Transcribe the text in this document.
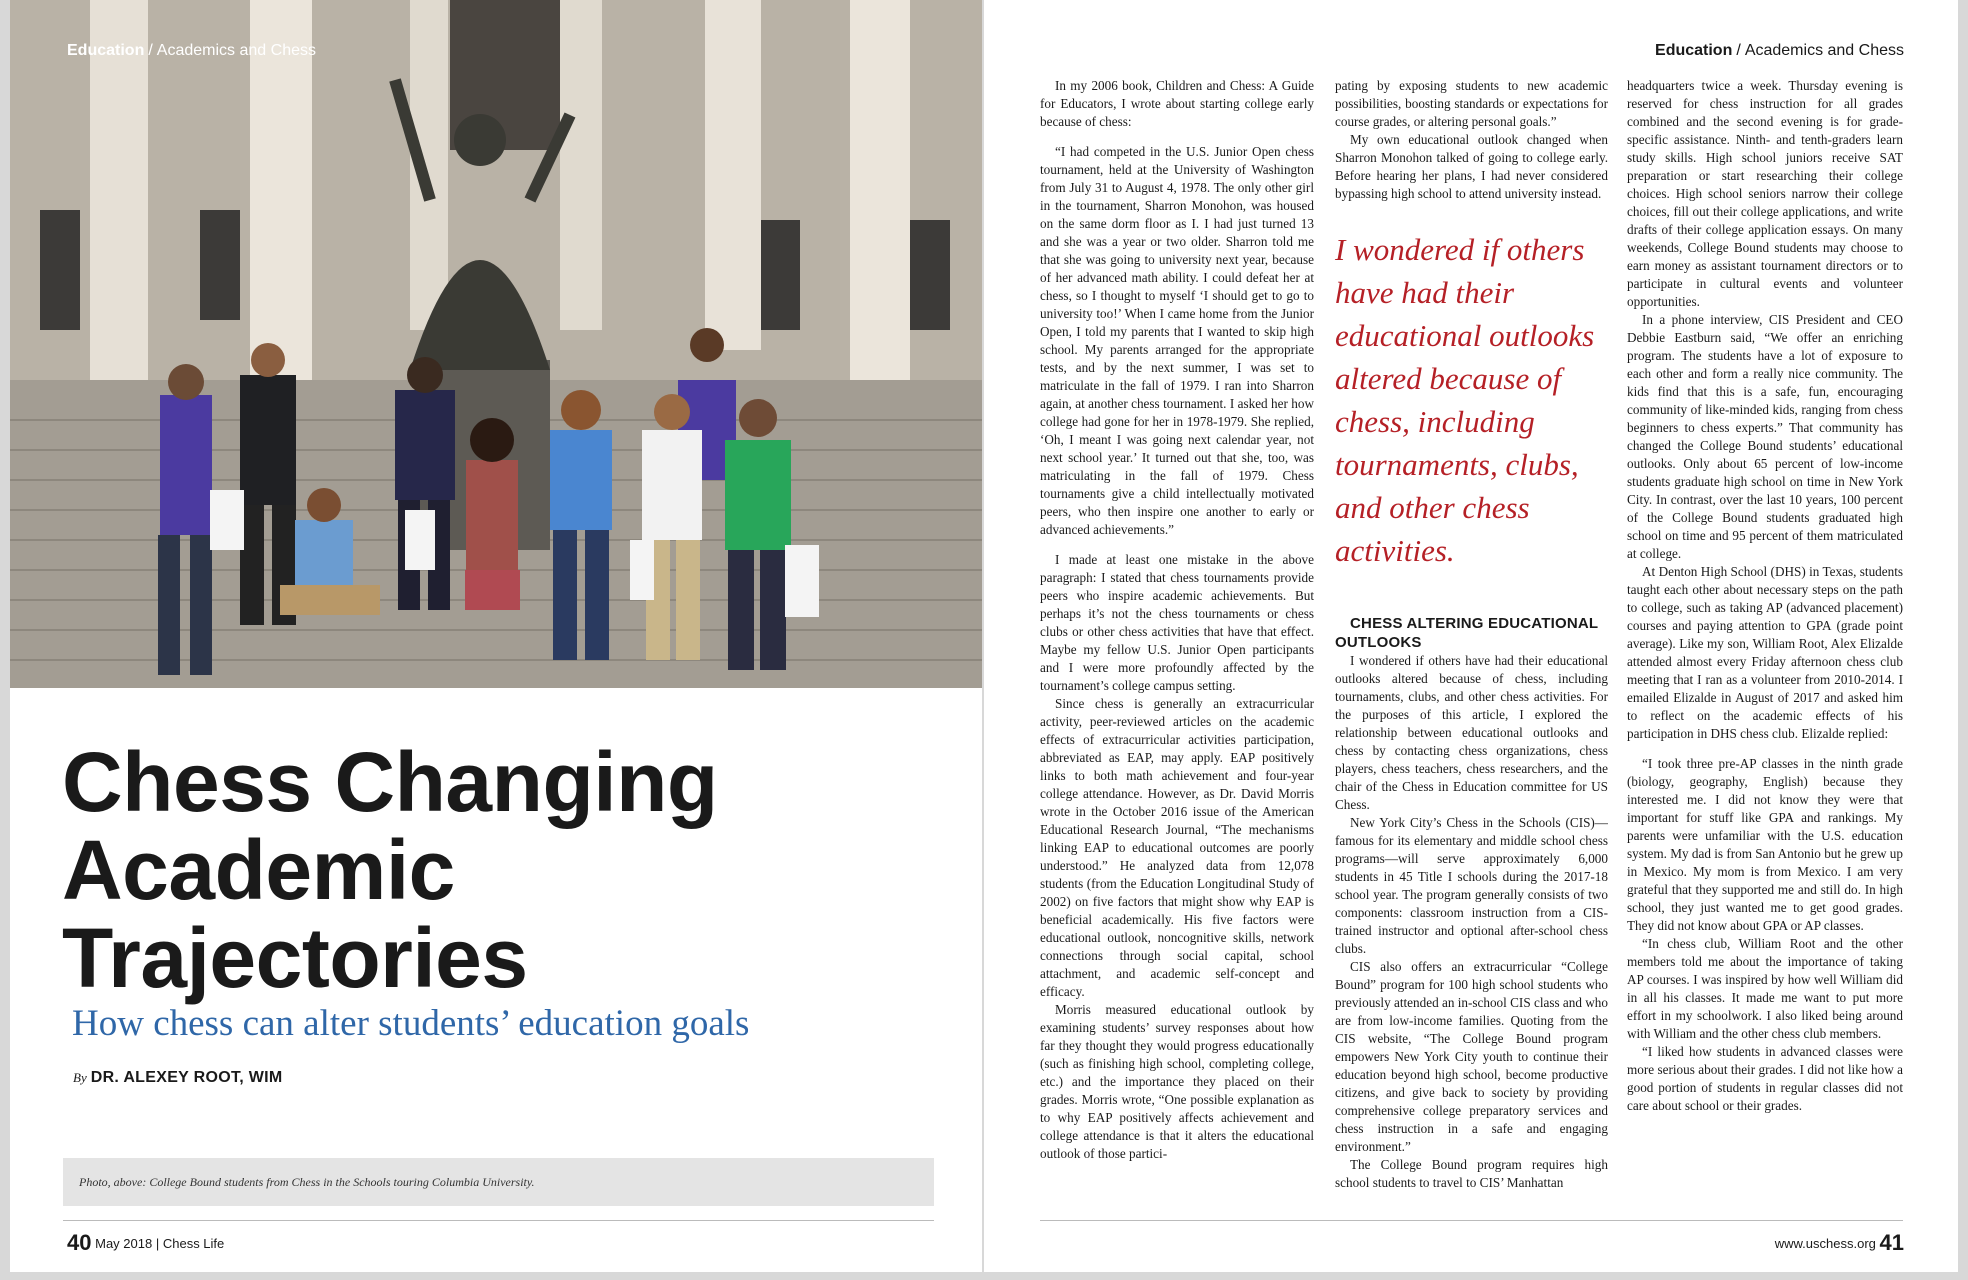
Education / Academics and Chess
Chess Changing Academic Trajectories
How chess can alter students’ education goals
By DR. ALEXEY ROOT, WIM
Photo, above: College Bound students from Chess in the Schools touring Columbia University.
40 May 2018 | Chess Life
Education / Academics and Chess

In my 2006 book, Children and Chess: A Guide for Educators, I wrote about starting college early because of chess:

“I had competed in the U.S. Junior Open chess tournament, held at the University of Washington from July 31 to August 4, 1978. The only other girl in the tournament, Sharron Monohon, was housed on the same dorm floor as I. I had just turned 13 and she was a year or two older. Sharron told me that she was going to university next year, because of her advanced math ability. I could defeat her at chess, so I thought to myself ‘I should get to go to university too!’ When I came home from the Junior Open, I told my parents that I wanted to skip high school. My parents arranged for the appropriate tests, and by the next summer, I was set to matriculate in the fall of 1979. I ran into Sharron again, at another chess tournament. I asked her how college had gone for her in 1978-1979. She replied, ‘Oh, I meant I was going next calendar year, not next school year.’ It turned out that she, too, was matriculating in the fall of 1979. Chess tournaments give a child intellectually motivated peers, who then inspire one another to early or advanced achievements.”

I made at least one mistake in the above paragraph: I stated that chess tournaments provide peers who inspire academic achievements. But perhaps it’s not the chess tournaments or chess clubs or other chess activities that have that effect. Maybe my fellow U.S. Junior Open participants and I were more profoundly affected by the tournament’s college campus setting.

Since chess is generally an extracurricular activity, peer-reviewed articles on the academic effects of extracurricular activities participation, abbreviated as EAP, may apply. EAP positively links to both math achievement and four-year college attendance. However, as Dr. David Morris wrote in the October 2016 issue of the American Educational Research Journal, “The mechanisms linking EAP to educational outcomes are poorly understood.” He analyzed data from 12,078 students (from the Education Longitudinal Study of 2002) on five factors that might show why EAP is beneficial academically. His five factors were educational outlook, noncognitive skills, network connections through social capital, school attachment, and academic self-concept and efficacy.

Morris measured educational outlook by examining students’ survey responses about how far they thought they would progress educationally (such as finishing high school, completing college, etc.) and the importance they placed on their grades. Morris wrote, “One possible explanation as to why EAP positively affects achievement and college attendance is that it alters the educational outlook of those partici-

pating by exposing students to new academic possibilities, boosting standards or expectations for course grades, or altering personal goals.”

My own educational outlook changed when Sharron Monohon talked of going to college early. Before hearing her plans, I had never considered bypassing high school to attend university instead.

I wondered if others have had their educational outlooks altered because of chess, including tournaments, clubs, and other chess activities.

CHESS ALTERING EDUCATIONAL OUTLOOKS

I wondered if others have had their educational outlooks altered because of chess, including tournaments, clubs, and other chess activities. For the purposes of this article, I explored the relationship between educational outlooks and chess by contacting chess organizations, chess players, chess teachers, chess researchers, and the chair of the Chess in Education committee for US Chess.

New York City’s Chess in the Schools (CIS)—famous for its elementary and middle school chess programs—will serve approximately 6,000 students in 45 Title I schools during the 2017-18 school year. The program generally consists of two components: classroom instruction from a CIS-trained instructor and optional after-school chess clubs.

CIS also offers an extracurricular “College Bound” program for 100 high school students who previously attended an in-school CIS class and who are from low-income families. Quoting from the CIS website, “The College Bound program empowers New York City youth to continue their education beyond high school, become productive citizens, and give back to society by providing comprehensive college preparatory services and chess instruction in a safe and engaging environment.”

The College Bound program requires high school students to travel to CIS’ Manhattan

headquarters twice a week. Thursday evening is reserved for chess instruction for all grades combined and the second evening is for grade-specific assistance. Ninth- and tenth-graders learn study skills. High school juniors receive SAT preparation or start researching their college choices. High school seniors narrow their college choices, fill out their college applications, and write drafts of their college application essays. On many weekends, College Bound students may choose to earn money as assistant tournament directors or to participate in cultural events and volunteer opportunities.

In a phone interview, CIS President and CEO Debbie Eastburn said, “We offer an enriching program. The students have a lot of exposure to each other and form a really nice community. The kids find that this is a safe, fun, encouraging community of like-minded kids, ranging from chess beginners to chess experts.” That community has changed the College Bound students’ educational outlooks. Only about 65 percent of low-income students graduate high school on time in New York City. In contrast, over the last 10 years, 100 percent of the College Bound students graduated high school on time and 95 percent of them matriculated at college.

At Denton High School (DHS) in Texas, students taught each other about necessary steps on the path to college, such as taking AP (advanced placement) courses and paying attention to GPA (grade point average). Like my son, William Root, Alex Elizalde attended almost every Friday afternoon chess club meeting that I ran as a volunteer from 2010-2014. I emailed Elizalde in August of 2017 and asked him to reflect on the academic effects of his participation in DHS chess club. Elizalde replied:

“I took three pre-AP classes in the ninth grade (biology, geography, English) because they interested me. I did not know they were that important for stuff like GPA and rankings. My parents were unfamiliar with the U.S. education system. My dad is from San Antonio but he grew up in Mexico. My mom is from Mexico. I am very grateful that they supported me and still do. In high school, they just wanted me to get good grades. They did not know about GPA or AP classes.

“In chess club, William Root and the other members told me about the importance of taking AP courses. I was inspired by how well William did in all his classes. It made me want to put more effort in my schoolwork. I also liked being around with William and the other chess club members.

“I liked how students in advanced classes were more serious about their grades. I did not like how a good portion of students in regular classes did not care about school or their grades.

www.uschess.org 41
